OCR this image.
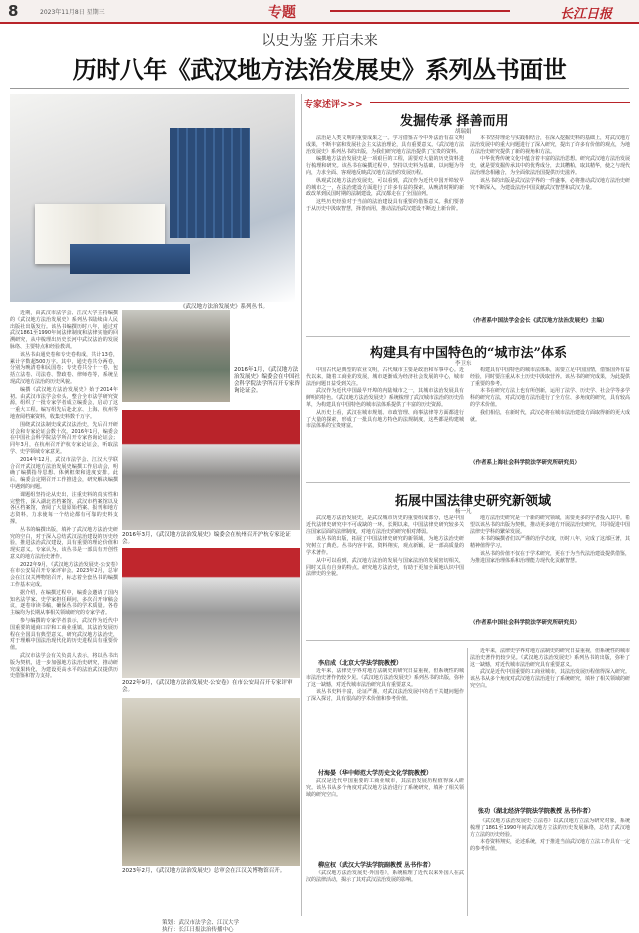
8	2023年11月8日 星期三	专题	长江日报
以史为鉴 开启未来
历时八年《武汉地方法治发展史》系列丛书面世
《武汉地方法治发展史》系列丛书。
2016年1月，《武汉地方法治发展史》编委会在中国社会科学院法学所召开专家咨询论证会。
2016年3月，《武汉地方法治发展史》编委会在杭州召开沪杭专家论证会。
2022年9月，《武汉地方法治发展史·公安卷》在市公安局召开专家评审会。
2023年2月，《武汉地方法治发展史》总审会在江汉关博物馆召开。

近期，由武汉市法学会、江汉大学主持编撰的《武汉地方法治发展史》系列丛书陆续由人民出版社出版发行。该丛书编撰历时八年，通过对武汉1861至1990年间法律制度和法律实施的回溯研究，从中梳理出历史长河中武汉法治的发展脉络、主要特点和经验教训。

该丛书由通史卷和专史卷构成，共计13卷，累计字数超500万字。其中，通史卷共分两卷，分别为晚清卷和民国卷；专史卷共分十一卷，包括立法卷、司法卷、警政卷、律师卷等，系统呈现武汉地方法治的历史风貌。

编撰《武汉地方法治发展史》始于2014年初。由武汉市法学会牵头，整合全市法学研究资源，组织了一批专家学者成立编委会，启动了这一重大工程。编写组先后赴北京、上海、杭州等地查阅档案资料，收集史料数千万字。

围绕武汉法制史成武汉法治史，先后召开研讨会和专家论证会数十次。2016年1月，编委会在中国社会科学院法学所召开专家咨询论证会；同年3月，在杭州召开沪杭专家论证会，听取法学、史学领域专家意见。

2014年12月，武汉市法学会、江汉大学联合召开武汉地方法治发展史编撰工作启动会，明确了编撰指导思想、体例框架和进度安排。此后，编委会定期召开工作推进会，研究解决编撰中遇到的问题。

课题组坚持论从史出，注重史料的真实性和完整性，深入湖北省档案馆、武汉市档案馆以及各区档案馆，查阅了大量原始档案、报刊和地方志资料，力求使每一个结论都有可靠的史料支撑。

丛书的编撰出版，填补了武汉地方法治史研究的空白，对于深入总结武汉法治建设的历史经验，推进法治武汉建设，具有重要的理论价值和现实意义。专家认为，该丛书是一部具有开创性意义的地方法治史著作。

2022年9月，《武汉地方法治发展史·公安卷》在市公安局召开专家评审会。2023年2月，总审会在江汉关博物馆召开，标志着全套丛书的编撰工作基本完成。

据介绍，在编撰过程中，编委会邀请了国内知名法学家、史学家担任顾问，多次召开审稿会议，逐卷审读书稿，确保丛书的学术质量。各卷主编均为长期从事相关领域研究的专家学者。

参与编撰的专家学者表示，武汉作为近代中国重要的通商口岸和工商业重镇，其法治发展历程在全国具有典型意义。研究武汉地方法治史，对于理解中国法治现代化的历史进程具有重要价值。

武汉市法学会有关负责人表示，将以丛书出版为契机，进一步加强地方法治史研究，推动研究成果转化，为建设更高水平的法治武汉提供历史借鉴和智力支持。

专家述评>>>
发掘传承 择善而用
胡瑞娟

法治是人类文明的重要成果之一。学习借鉴古今中外法治有益文明成果，不断丰富和发展社会主义法治理论，具有重要意义。《武汉地方法治发展史》系列丛书的出版，为我们研究地方法治提供了宝贵的资料。

编撰地方法治发展史是一项艰巨的工程，需要对大量的历史资料进行梳理和研究。该丛书在编撰过程中，坚持以史料为基础，以问题为导向，力求全面、客观地反映武汉地方法治的发展历程。

纵观武汉地方法治发展史，可以看到，武汉作为近代中国开埠较早的城市之一，在法治建设方面进行了许多有益的探索。从晚清时期的新政改革到民国时期的法制建设，武汉都走在了全国前列。

这些历史经验对于当前的法治建设具有重要的借鉴意义。我们要善于从历史中汲取智慧，择善而用，推动法治武汉建设不断迈上新台阶。

本书坚持理论与实践相结合，在深入挖掘史料的基础上，对武汉地方法治发展中的重大问题进行了深入研究，提出了许多有价值的观点，为地方法治史研究提供了新的视角和方法。

中华优秀传统文化中蕴含着丰富的法治思想。研究武汉地方法治发展史，就是要发掘传承其中的优秀成分，去其糟粕，取其精华，使之与现代法治理念相融合，为全面依法治国提供历史滋养。

该丛书的出版是武汉法学界的一件盛事，必将推动武汉地方法治史研究不断深入，为建设法治中国贡献武汉智慧和武汉力量。

（作者系中国法学会会长《武汉地方法治发展史》主编）
构建具有中国特色的“城市法”体系
李卫东

中国古代是典型的农业文明，古代城市主要是政治和军事中心。近代以来，随着工商业的发展，城市逐渐成为经济社会发展的中心，城市法治问题日益受到关注。

武汉作为近代中国最早开埠的内陆城市之一，其城市法治发展具有鲜明的特色。《武汉地方法治发展史》系统梳理了武汉城市法治的历史沿革，为构建具有中国特色的城市法体系提供了丰富的历史资源。

从历史上看，武汉在城市规划、市政管理、商事法律等方面都进行了大量的探索，形成了一批具有地方特色的法规制度，这些都是构建城市法体系的宝贵财富。

构建具有中国特色的城市法体系，需要立足中国国情，借鉴国外有益经验，同时要注重从本土历史中汲取营养。该丛书的研究成果，为此提供了重要的参考。

本书在研究方法上也有所创新，运用了法学、历史学、社会学等多学科的研究方法，对武汉地方法治进行了全方位、多角度的研究，具有较高的学术价值。

我们相信，在新时代，武汉必将在城市法治建设方面取得新的更大成就。

（作者系上海社会科学院法学研究所研究员）
拓展中国法律史研究新领域
杨一凡

武汉地方法治发展史，是武汉城市历史的重要组成部分，也是中国近代法律史研究中不可或缺的一环。长期以来，中国法律史研究较多关注国家层面的法律制度，对地方法治史的研究相对薄弱。

该丛书的出版，拓展了中国法律史研究的新领域，为地方法治史研究树立了典范。丛书内容丰富，资料翔实，观点新颖，是一部高质量的学术著作。

从中可以看到，武汉地方法治的发展与国家法治的发展密切相关，同时又具有自身的特点。研究地方法治史，有助于更加全面地认识中国法律史的全貌。

地方法治史研究是一个新的研究领域，需要更多的学者投入其中。希望以该丛书的出版为契机，推动更多地方开展法治史研究，共同促进中国法律史学科的繁荣发展。

本书的编撰者们以严谨的治学态度，历时八年，完成了这部巨著，其精神值得学习。

该丛书的价值不仅在于学术研究，更在于为当代法治建设提供借鉴，为推进国家治理体系和治理能力现代化贡献智慧。

（作者系中国社会科学院法学研究所研究员）
李启成（北京大学法学院教授）

近年来，法律史学界对地方法制史的研究日益重视，但系统性的城市法治史著作仍较少见。《武汉地方法治发展史》系列丛书的出版，弥补了这一缺憾，对近代城市法治研究具有重要意义。

该丛书史料丰富，论证严谨，对武汉法治发展中的若干关键问题作了深入探讨，具有很高的学术价值和参考价值。

付海晏（华中师范大学历史文化学院教授）

武汉是近代中国重要的工商业城市，其法治发展历程值得深入研究。该丛书从多个角度对武汉地方法治进行了系统研究，填补了相关领域的研究空白。

柳应权（武汉大学法学院副教授 丛书作者）

《武汉地方法治发展史·外国卷》，系统梳理了近代以来外国人在武汉的法律活动，揭示了其对武汉法治发展的影响。

近年来，法律史学界对地方法制史的研究日益重视，但系统性的城市法治史著作仍较少见。《武汉地方法治发展史》系列丛书的出版，弥补了这一缺憾，对近代城市法治研究具有重要意义。

武汉是近代中国重要的工商业城市，其法治发展历程值得深入研究。该丛书从多个角度对武汉地方法治进行了系统研究，填补了相关领域的研究空白。

张功（湖北经济学院法学院教授 丛书作者）

《武汉地方法治发展史·立法卷》以武汉地方立法为研究对象，系统梳理了1861至1990年间武汉地方立法的历史发展脉络，总结了武汉地方立法的历史经验。

本卷资料翔实，论述系统，对于推进当前武汉地方立法工作具有一定的参考价值。

策划：武汉市法学会、江汉大学
执行：长江日报法治传播中心
